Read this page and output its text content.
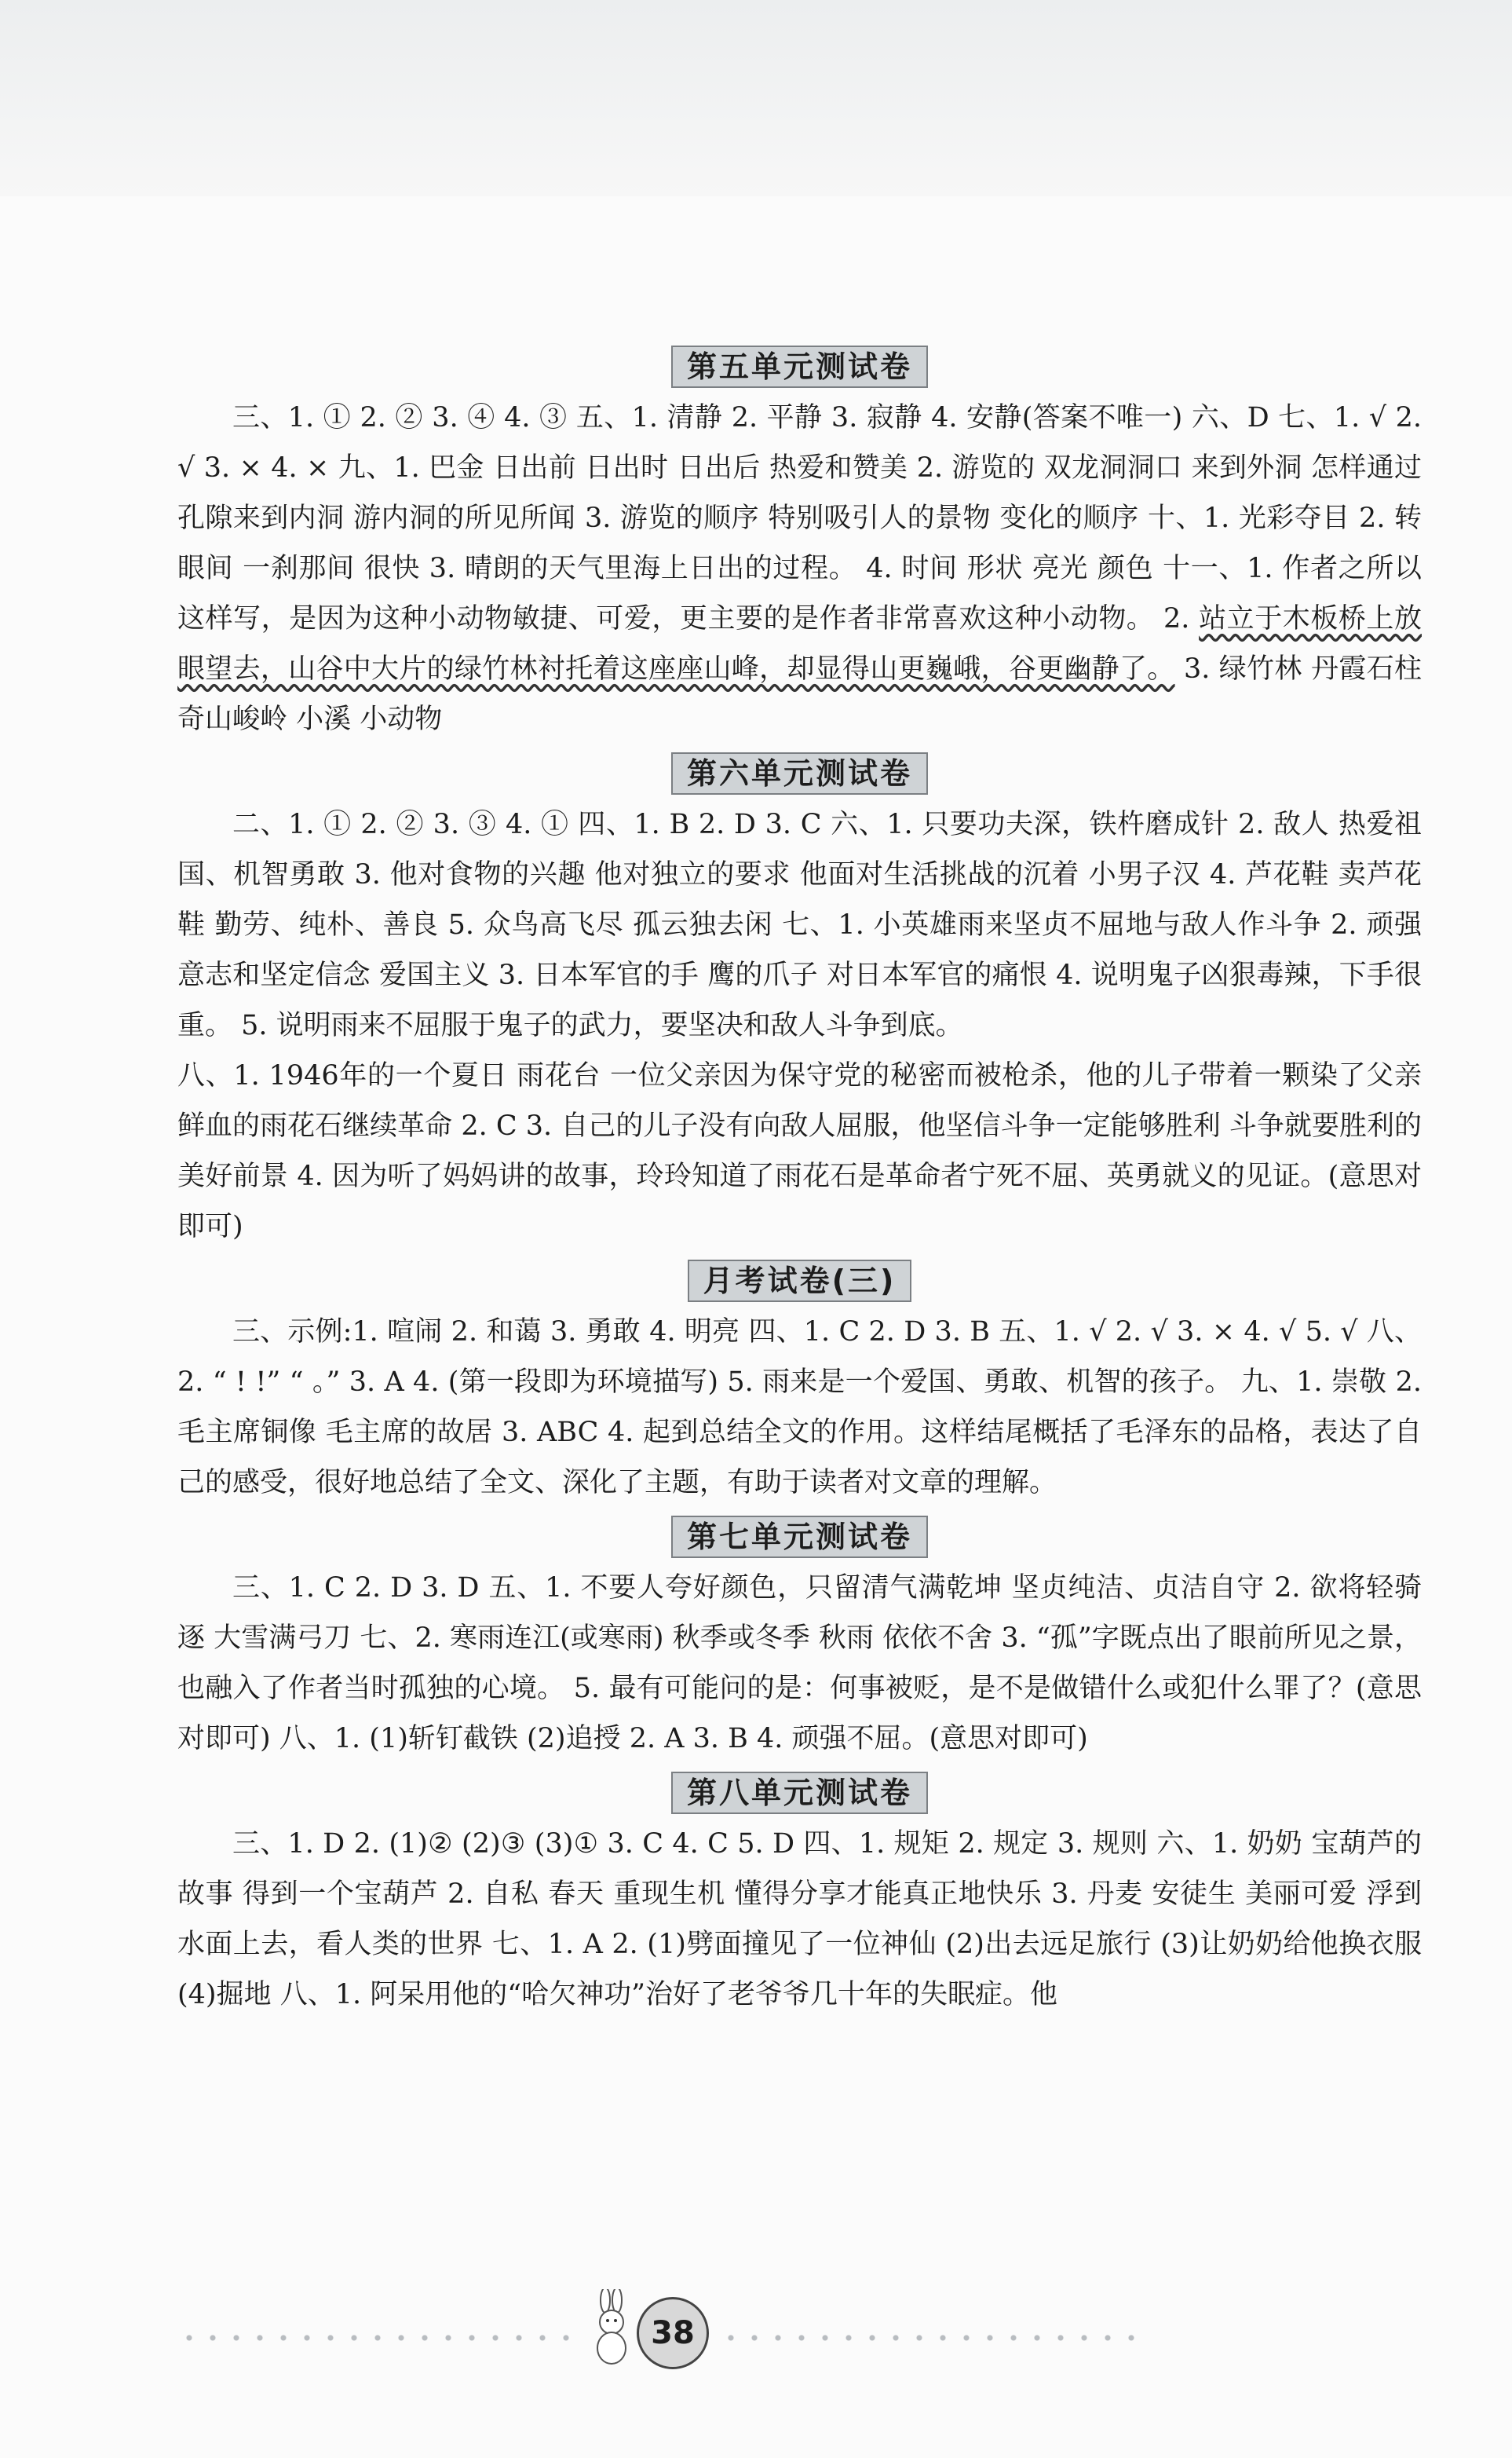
第五单元测试卷

三、1. ① 2. ② 3. ④ 4. ③ 五、1. 清静 2. 平静 3. 寂静 4. 安静(答案不唯一) 六、D 七、1. √ 2. √ 3. × 4. × 九、1. 巴金 日出前 日出时 日出后 热爱和赞美 2. 游览的 双龙洞洞口 来到外洞 怎样通过孔隙来到内洞 游内洞的所见所闻 3. 游览的顺序 特别吸引人的景物 变化的顺序 十、1. 光彩夺目 2. 转眼间 一刹那间 很快 3. 晴朗的天气里海上日出的过程。 4. 时间 形状 亮光 颜色 十一、1. 作者之所以这样写，是因为这种小动物敏捷、可爱，更主要的是作者非常喜欢这种小动物。 2. 站立于木板桥上放眼望去，山谷中大片的绿竹林衬托着这座座山峰，却显得山更巍峨，谷更幽静了。 3. 绿竹林 丹霞石柱 奇山峻岭 小溪 小动物

第六单元测试卷

二、1. ① 2. ② 3. ③ 4. ① 四、1. B 2. D 3. C 六、1. 只要功夫深，铁杵磨成针 2. 敌人 热爱祖国、机智勇敢 3. 他对食物的兴趣 他对独立的要求 他面对生活挑战的沉着 小男子汉 4. 芦花鞋 卖芦花鞋 勤劳、纯朴、善良 5. 众鸟高飞尽 孤云独去闲 七、1. 小英雄雨来坚贞不屈地与敌人作斗争 2. 顽强意志和坚定信念 爱国主义 3. 日本军官的手 鹰的爪子 对日本军官的痛恨 4. 说明鬼子凶狠毒辣，下手很重。 5. 说明雨来不屈服于鬼子的武力，要坚决和敌人斗争到底。

八、1. 1946年的一个夏日 雨花台 一位父亲因为保守党的秘密而被枪杀，他的儿子带着一颗染了父亲鲜血的雨花石继续革命 2. C 3. 自己的儿子没有向敌人屈服，他坚信斗争一定能够胜利 斗争就要胜利的美好前景 4. 因为听了妈妈讲的故事，玲玲知道了雨花石是革命者宁死不屈、英勇就义的见证。(意思对即可)

月考试卷(三)

三、示例:1. 喧闹 2. 和蔼 3. 勇敢 4. 明亮 四、1. C 2. D 3. B 五、1. √ 2. √ 3. × 4. √ 5. √ 八、2. “ ! !” “ 。” 3. A 4. (第一段即为环境描写) 5. 雨来是一个爱国、勇敢、机智的孩子。 九、1. 崇敬 2. 毛主席铜像 毛主席的故居 3. ABC 4. 起到总结全文的作用。这样结尾概括了毛泽东的品格，表达了自己的感受，很好地总结了全文、深化了主题，有助于读者对文章的理解。

第七单元测试卷

三、1. C 2. D 3. D 五、1. 不要人夸好颜色，只留清气满乾坤 坚贞纯洁、贞洁自守 2. 欲将轻骑逐 大雪满弓刀 七、2. 寒雨连江(或寒雨) 秋季或冬季 秋雨 依依不舍 3. “孤”字既点出了眼前所见之景，也融入了作者当时孤独的心境。 5. 最有可能问的是：何事被贬，是不是做错什么或犯什么罪了？(意思对即可) 八、1. (1)斩钉截铁 (2)追授 2. A 3. B 4. 顽强不屈。(意思对即可)

第八单元测试卷

三、1. D 2. (1)② (2)③ (3)① 3. C 4. C 5. D 四、1. 规矩 2. 规定 3. 规则 六、1. 奶奶 宝葫芦的故事 得到一个宝葫芦 2. 自私 春天 重现生机 懂得分享才能真正地快乐 3. 丹麦 安徒生 美丽可爱 浮到水面上去，看人类的世界 七、1. A 2. (1)劈面撞见了一位神仙 (2)出去远足旅行 (3)让奶奶给他换衣服 (4)掘地 八、1. 阿呆用他的“哈欠神功”治好了老爷爷几十年的失眠症。他

38
